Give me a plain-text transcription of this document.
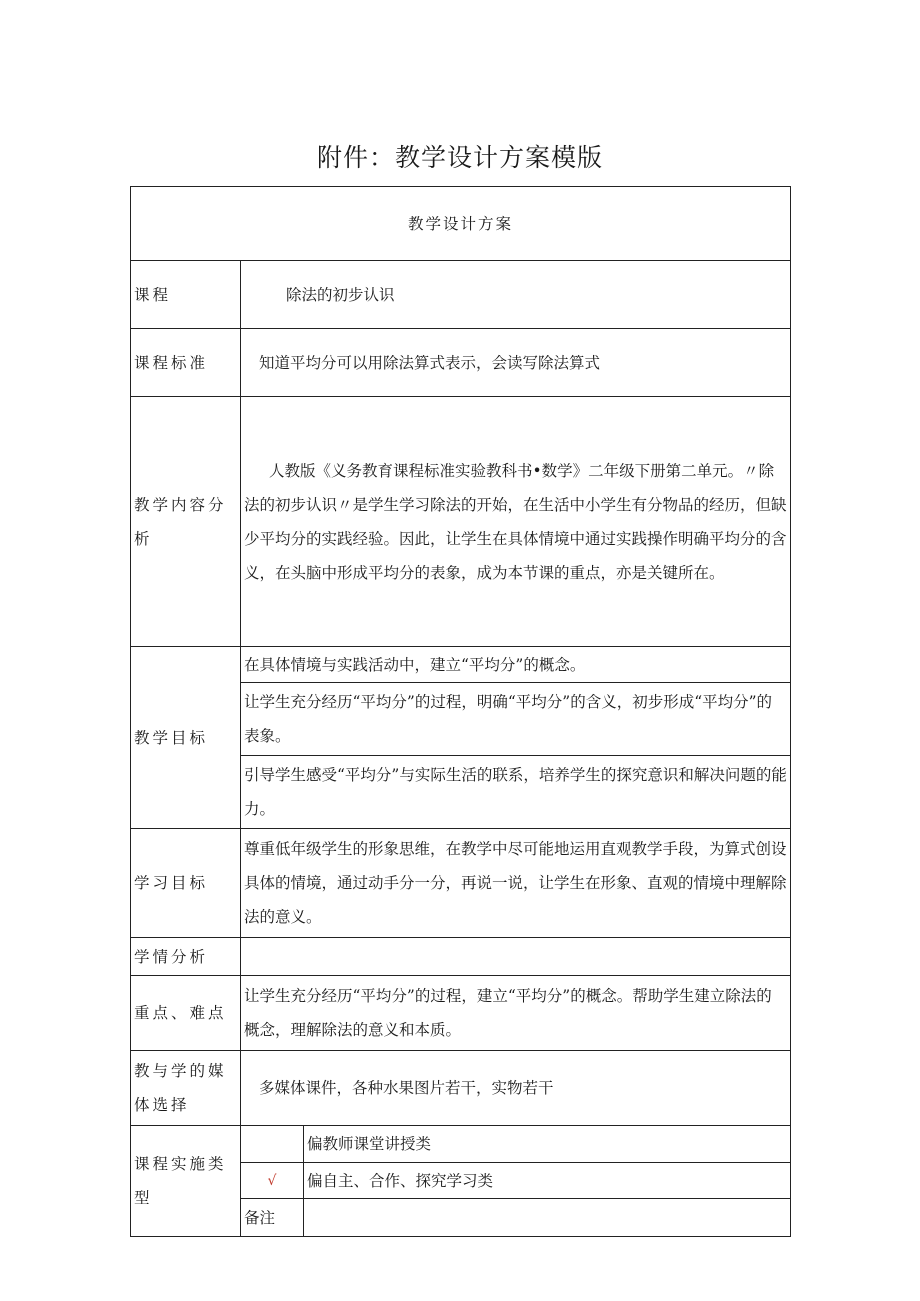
附件：教学设计方案模版
教学设计方案		
课程	除法的初步认识	
课程标准	知道平均分可以用除法算式表示，会读写除法算式	
教学内容分析	人教版《义务教育课程标准实验教科书•数学》二年级下册第二单元。〃除法的初步认识〃是学生学习除法的开始，在生活中小学生有分物品的经历，但缺少平均分的实践经验。因此，让学生在具体情境中通过实践操作明确平均分的含义，在头脑中形成平均分的表象，成为本节课的重点，亦是关键所在。	
教学目标	在具体情境与实践活动中，建立“平均分”的概念。	
	让学生充分经历“平均分”的过程，明确“平均分”的含义，初步形成“平均分”的表象。	
	引导学生感受“平均分”与实际生活的联系，培养学生的探究意识和解决问题的能力。	
学习目标	尊重低年级学生的形象思维，在教学中尽可能地运用直观教学手段，为算式创设具体的情境，通过动手分一分，再说一说，让学生在形象、直观的情境中理解除法的意义。	
学情分析		
重点、难点	让学生充分经历“平均分”的过程，建立“平均分”的概念。帮助学生建立除法的概念，理解除法的意义和本质。	
教与学的媒体选择	多媒体课件，各种水果图片若干，实物若干	
课程实施类型		偏教师课堂讲授类
	√	偏自主、合作、探究学习类
	备注	
